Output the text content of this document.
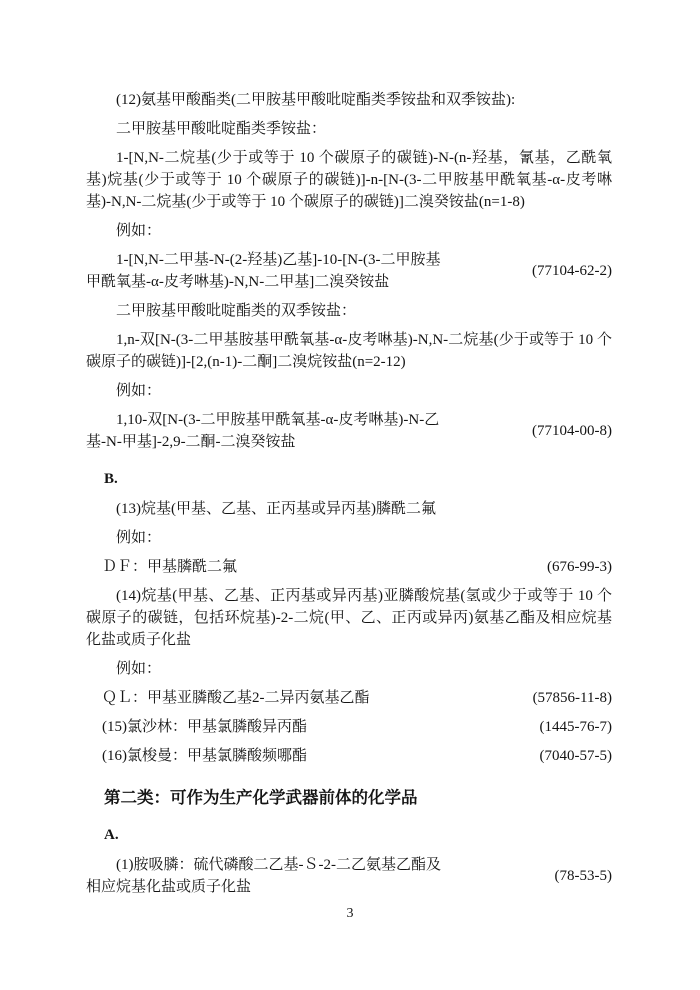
(12)氨基甲酸酯类(二甲胺基甲酸吡啶酯类季铵盐和双季铵盐):

二甲胺基甲酸吡啶酯类季铵盐：

1-[N,N-二烷基(少于或等于 10 个碳原子的碳链)-N-(n-羟基，氰基，乙酰氧基)烷基(少于或等于 10 个碳原子的碳链)]-n-[N-(3-二甲胺基甲酰氧基-α-皮考啉基)-N,N-二烷基(少于或等于 10 个碳原子的碳链)]二溴癸铵盐(n=1-8)

例如：

1-[N,N-二甲基-N-(2-羟基)乙基]-10-[N-(3-二甲胺基
甲酰氧基-α-皮考啉基)-N,N-二甲基]二溴癸铵盐
(77104-62-2)

二甲胺基甲酸吡啶酯类的双季铵盐：

1,n-双[N-(3-二甲基胺基甲酰氧基-α-皮考啉基)-N,N-二烷基(少于或等于 10 个碳原子的碳链)]-[2,(n-1)-二酮]二溴烷铵盐(n=2-12)

例如：

1,10-双[N-(3-二甲胺基甲酰氧基-α-皮考啉基)-N-乙
基-N-甲基]-2,9-二酮-二溴癸铵盐
(77104-00-8)

B.

(13)烷基(甲基、乙基、正丙基或异丙基)膦酰二氟

例如：

ＤＦ：甲基膦酰二氟	(676-99-3)

(14)烷基(甲基、乙基、正丙基或异丙基)亚膦酸烷基(氢或少于或等于 10 个碳原子的碳链，包括环烷基)-2-二烷(甲、乙、正丙或异丙)氨基乙酯及相应烷基化盐或质子化盐

例如：

ＱＬ：甲基亚膦酸乙基2-二异丙氨基乙酯	(57856-11-8)
(15)氯沙林：甲基氯膦酸异丙酯	(1445-76-7)
(16)氯梭曼：甲基氯膦酸频哪酯	(7040-57-5)

第二类：可作为生产化学武器前体的化学品

A.

(1)胺吸膦：硫代磷酸二乙基-Ｓ-2-二乙氨基乙酯及
相应烷基化盐或质子化盐
(78-53-5)
3
